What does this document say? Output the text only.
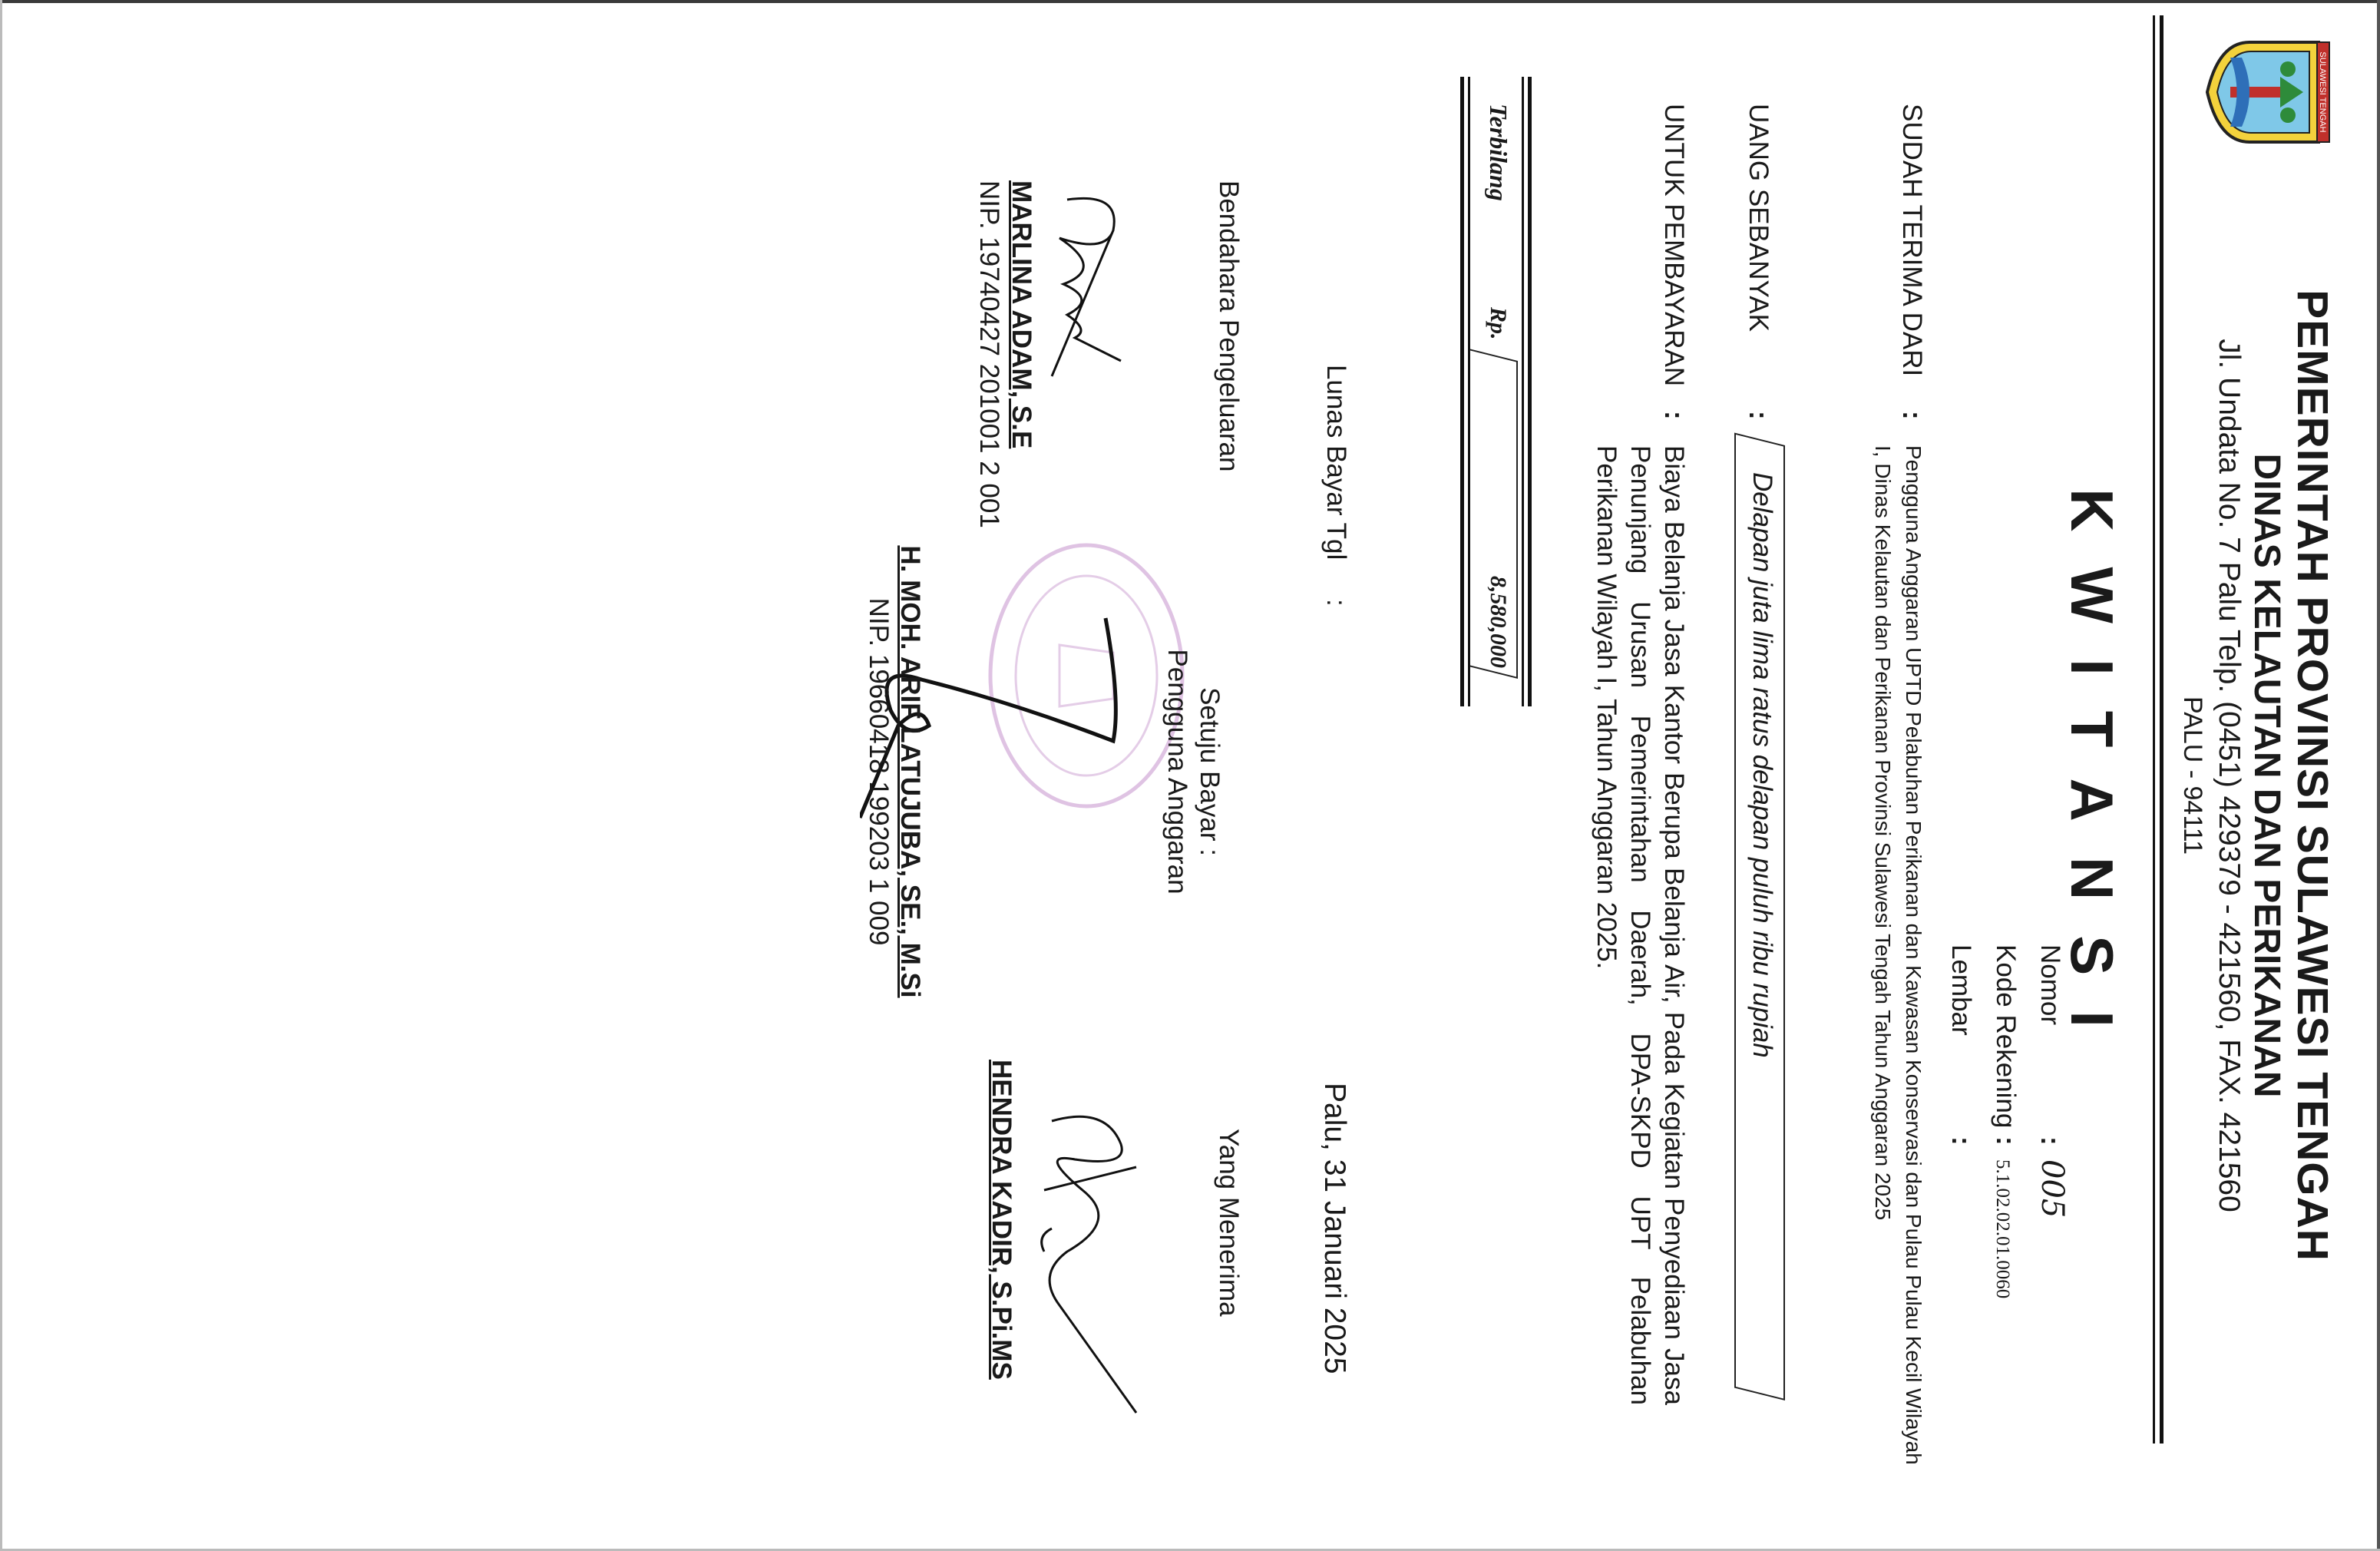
SULAWESI TENGAH
PEMERINTAH PROVINSI SULAWESI TENGAH
DINAS KELAUTAN DAN PERIKANAN
Jl. Undata No. 7 Palu Telp. (0451) 429379 - 421560, FAX. 421560
PALU - 94111
KWITANSI
Nomor
:
005
Kode Rekening
:
5.1.02.02.01.0060
Lembar
:
SUDAH TERIMA DARI
:
Pengguna Anggaran UPTD Pelabuhan Perikanan dan Kawasan Konservasi dan Pulau Pulau Kecil Wilayah I, Dinas Kelautan dan Perikanan Provinsi Sulawesi Tengah Tahun Anggaran 2025
UANG SEBANYAK
:
Delapan juta lima ratus delapan puluh ribu rupiah
UNTUK PEMBAYARAN
:
Biaya Belanja Jasa Kantor Berupa Belanja Air, Pada Kegiatan Penyediaan Jasa Penunjang Urusan Pemerintahan Daerah, DPA-SKPD UPT Pelabuhan Perikanan Wilayah I, Tahun Anggaran 2025.
Terbilang
Rp.
8,580,000
Lunas Bayar Tgl
:
Palu, 31 Januari 2025
Yang Menerima
HENDRA KADIR, S.Pi.MS
Bendahara Pengeluaran
MARLINA ADAM, S.E
NIP. 19740427 201001 2 001
Setuju Bayar :
Pengguna Anggaran
H. MOH. ARIF LATUJUBA, SE., M.Si
NIP. 19660418 199203 1 009
